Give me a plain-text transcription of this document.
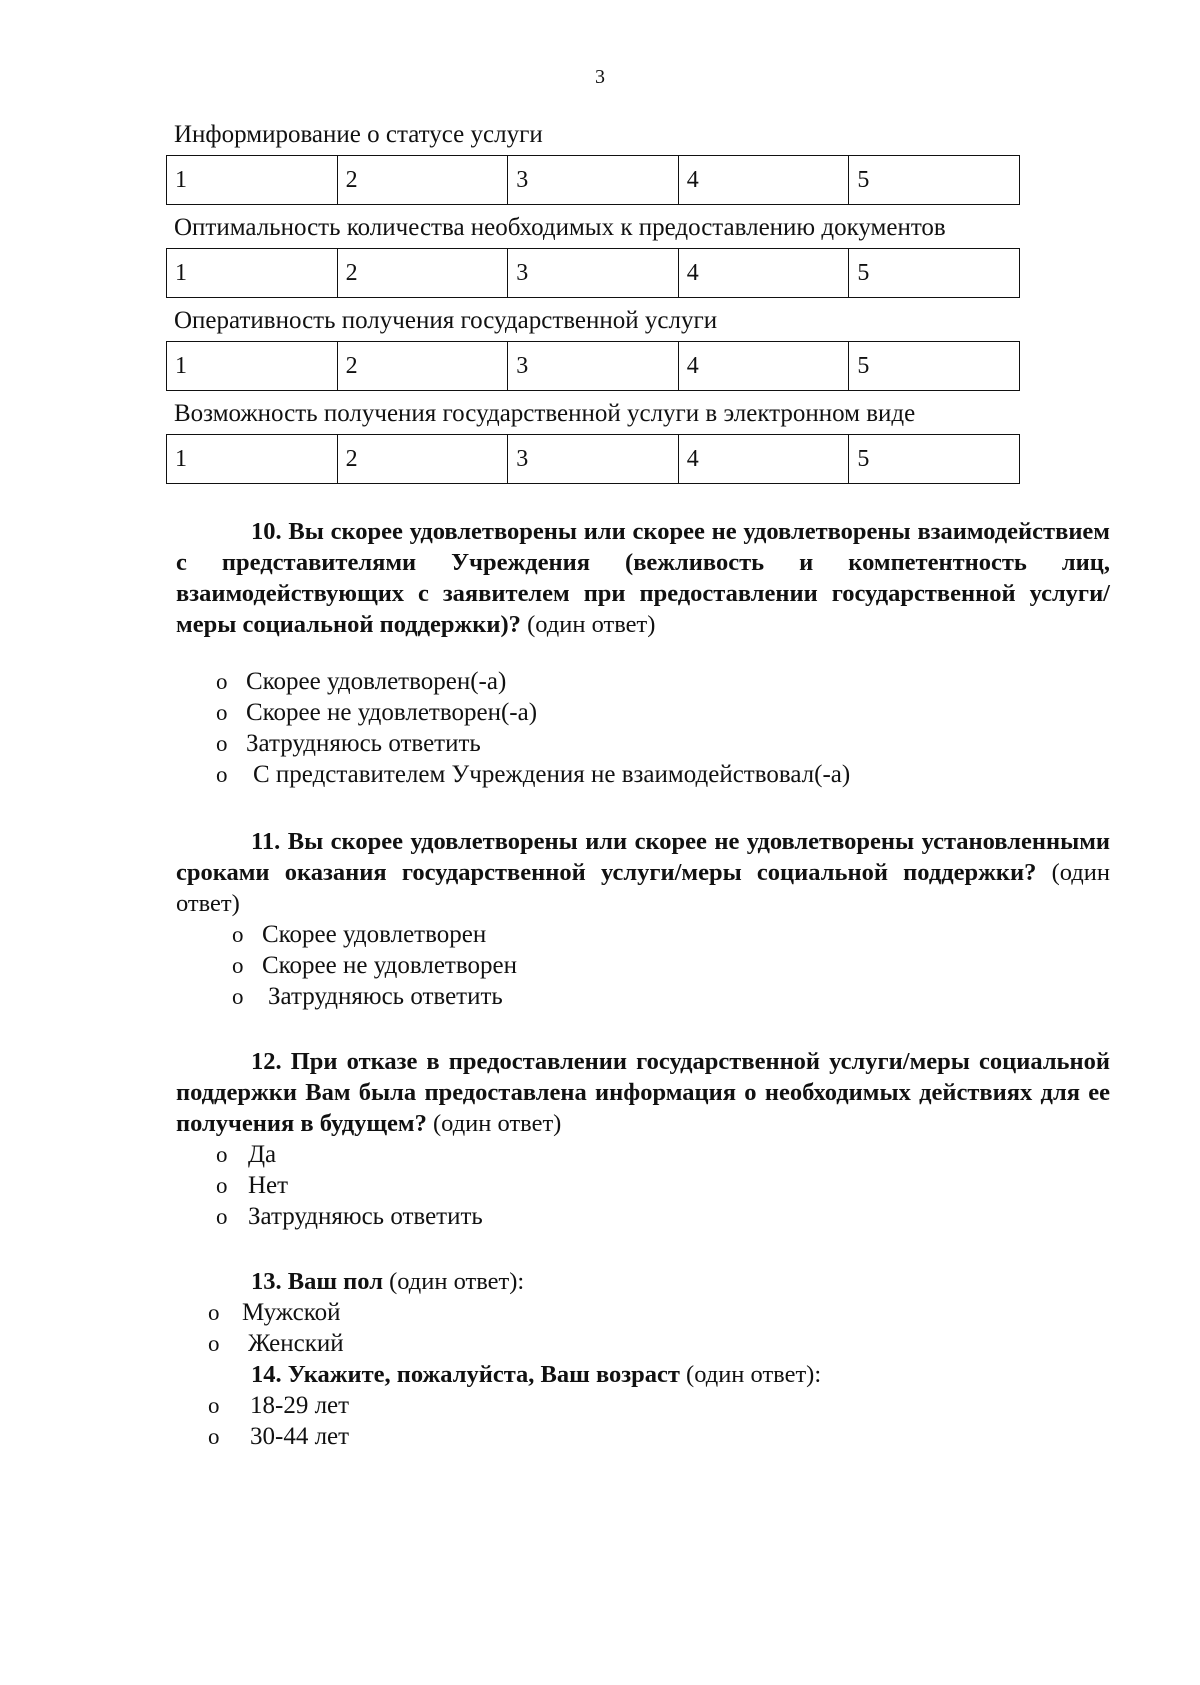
3
Информирование о статусе услуги
1	2	3	4	5
Оптимальность количества необходимых к предоставлению документов
1	2	3	4	5
Оперативность получения государственной услуги
1	2	3	4	5
Возможность получения государственной услуги в электронном виде
1	2	3	4	5
10. Вы скорее удовлетворены или скорее не удовлетворены взаимодействием с представителями Учреждения (вежливость и компетентность лиц, взаимодействующих с заявителем при предоставлении государственной услуги/меры социальной поддержки)? (один ответ)
o Скорее удовлетворен(-а)
o Скорее не удовлетворен(-а)
o Затрудняюсь ответить
o С представителем Учреждения не взаимодействовал(-а)
11. Вы скорее удовлетворены или скорее не удовлетворены установленными сроками оказания государственной услуги/меры социальной поддержки? (один ответ)
o Скорее удовлетворен
o Скорее не удовлетворен
o Затрудняюсь ответить
12. При отказе в предоставлении государственной услуги/меры социальной поддержки Вам была предоставлена информация о необходимых действиях для ее получения в будущем? (один ответ)
o Да
o Нет
o Затрудняюсь ответить
13. Ваш пол (один ответ):
o Мужской
o Женский
14. Укажите, пожалуйста, Ваш возраст (один ответ):
o 18-29 лет
o 30-44 лет
